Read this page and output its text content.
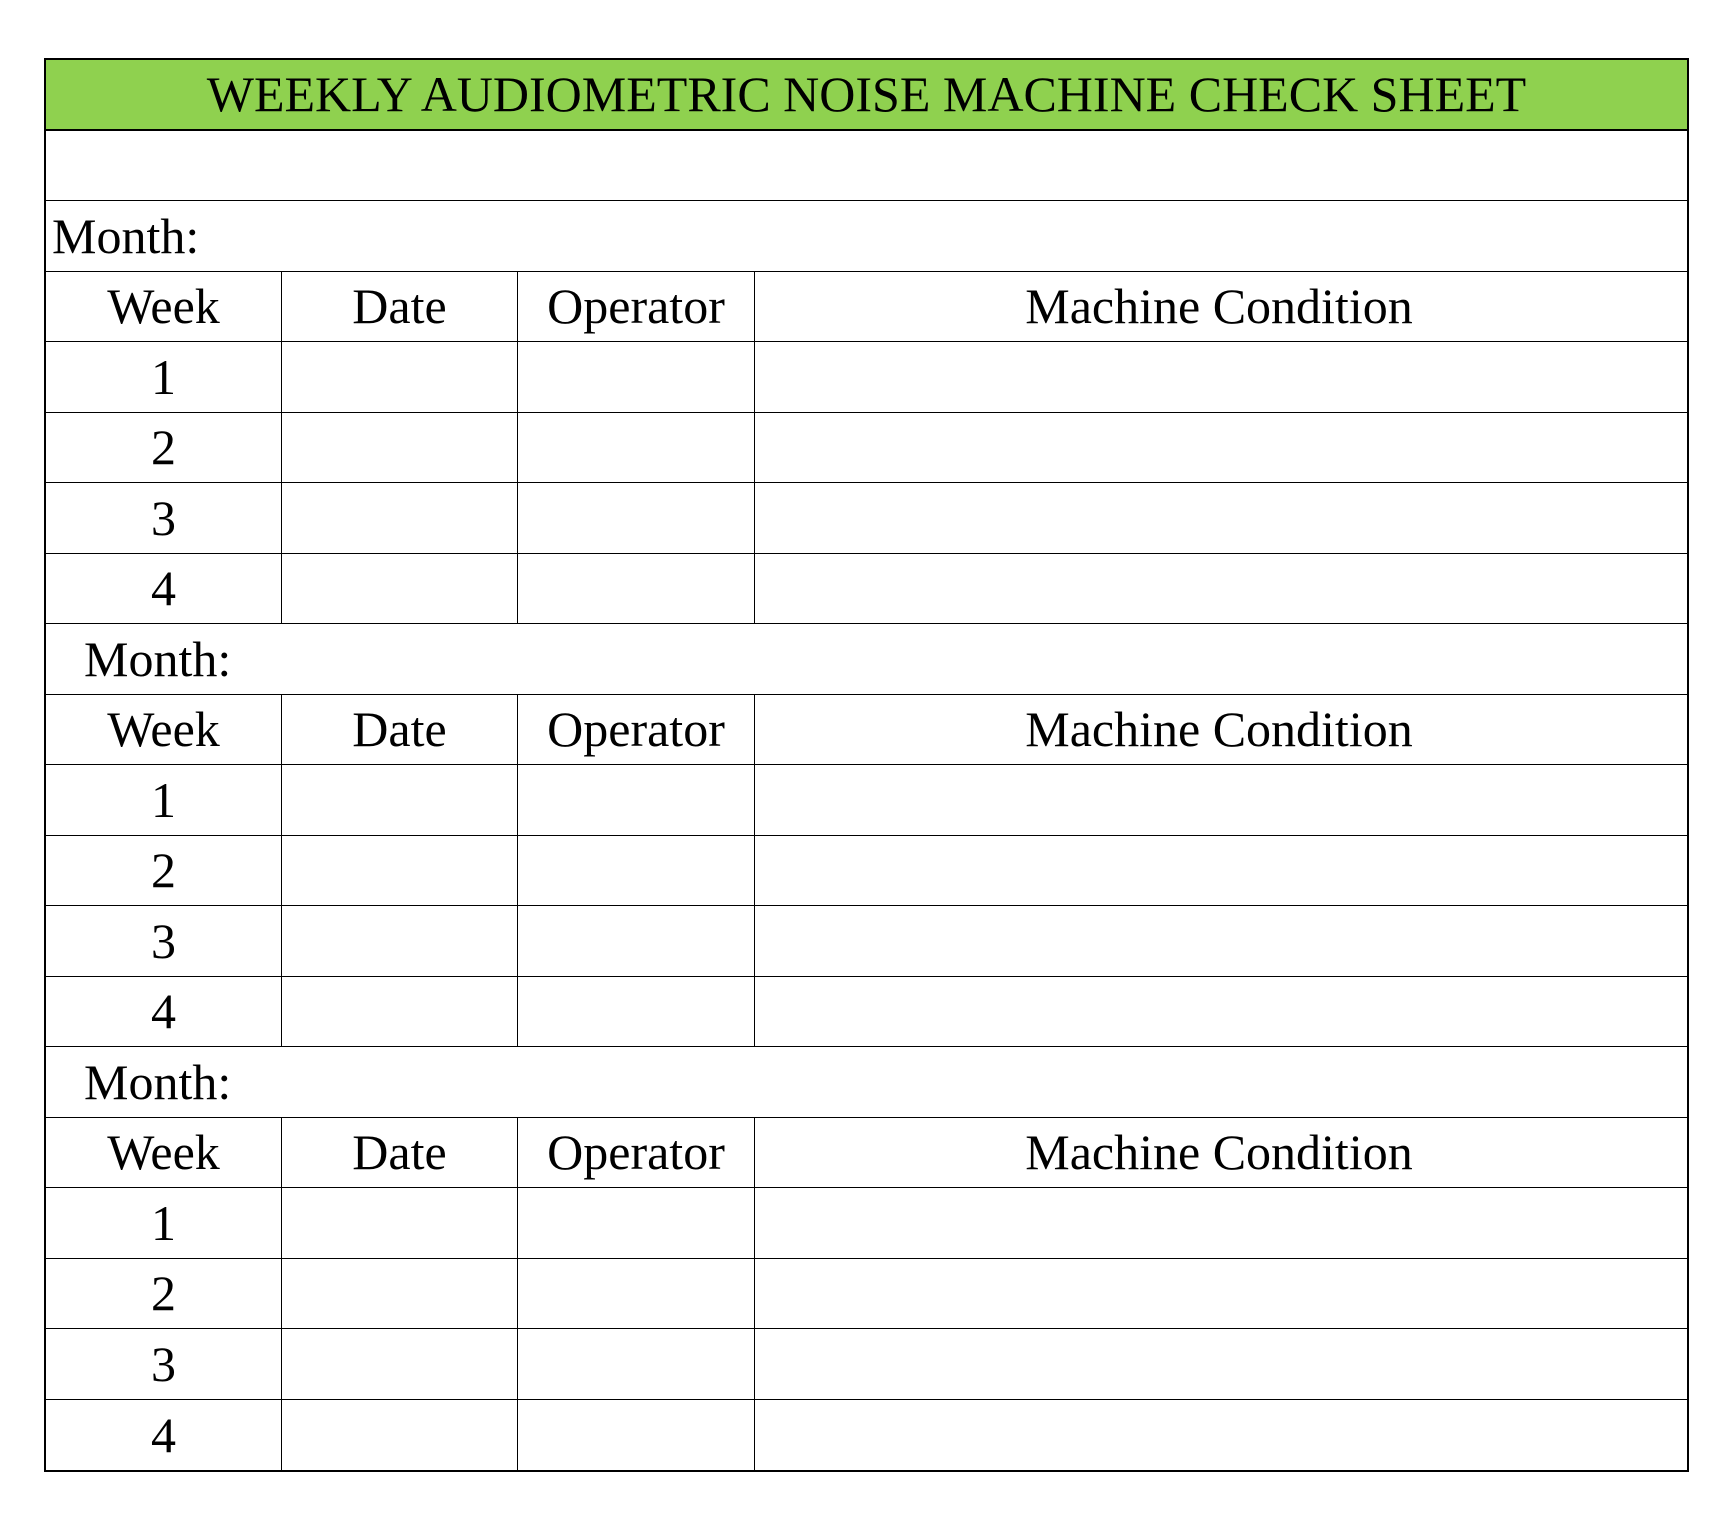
WEEKLY AUDIOMETRIC NOISE MACHINE CHECK SHEET
Month:
Week	Date	Operator	Machine Condition
1
2
3
4
Month:
Week	Date	Operator	Machine Condition
1
2
3
4
Month:
Week	Date	Operator	Machine Condition
1
2
3
4
